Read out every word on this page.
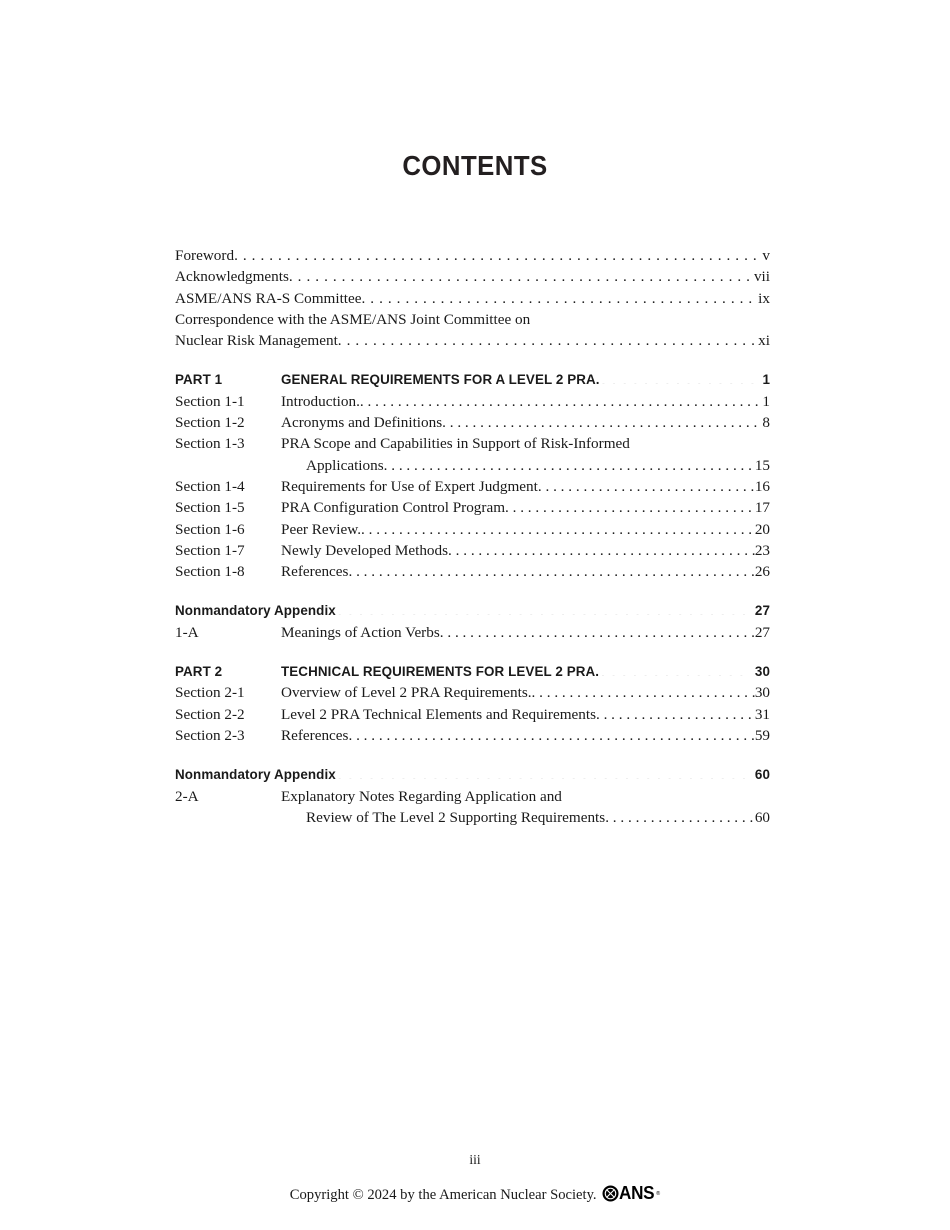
CONTENTS
Foreword . . .	v
Acknowledgments . . .	vii
ASME/ANS RA-S Committee . . .	ix
Correspondence with the ASME/ANS Joint Committee on
Nuclear Risk Management . . .	xi
PART 1	GENERAL REQUIREMENTS FOR A LEVEL 2 PRA. . . .	1
Section 1-1	Introduction. . . .	1
Section 1-2	Acronyms and Definitions . . .	8
Section 1-3	PRA Scope and Capabilities in Support of Risk-Informed
Applications . . .	15
Section 1-4	Requirements for Use of Expert Judgment . . .	16
Section 1-5	PRA Configuration Control Program . . .	17
Section 1-6	Peer Review. . . .	20
Section 1-7	Newly Developed Methods . . .	23
Section 1-8	References . . .	26
Nonmandatory Appendix . . .	27
1-A	Meanings of Action Verbs . . .	27
PART 2	TECHNICAL REQUIREMENTS FOR LEVEL 2 PRA. . . .	30
Section 2-1	Overview of Level 2 PRA Requirements. . . .	30
Section 2-2	Level 2 PRA Technical Elements and Requirements . . .	31
Section 2-3	References . . .	59
Nonmandatory Appendix . . .	60
2-A	Explanatory Notes Regarding Application and
Review of The Level 2 Supporting Requirements . . .	60
iii
Copyright © 2024 by the American Nuclear Society. ANS ®
